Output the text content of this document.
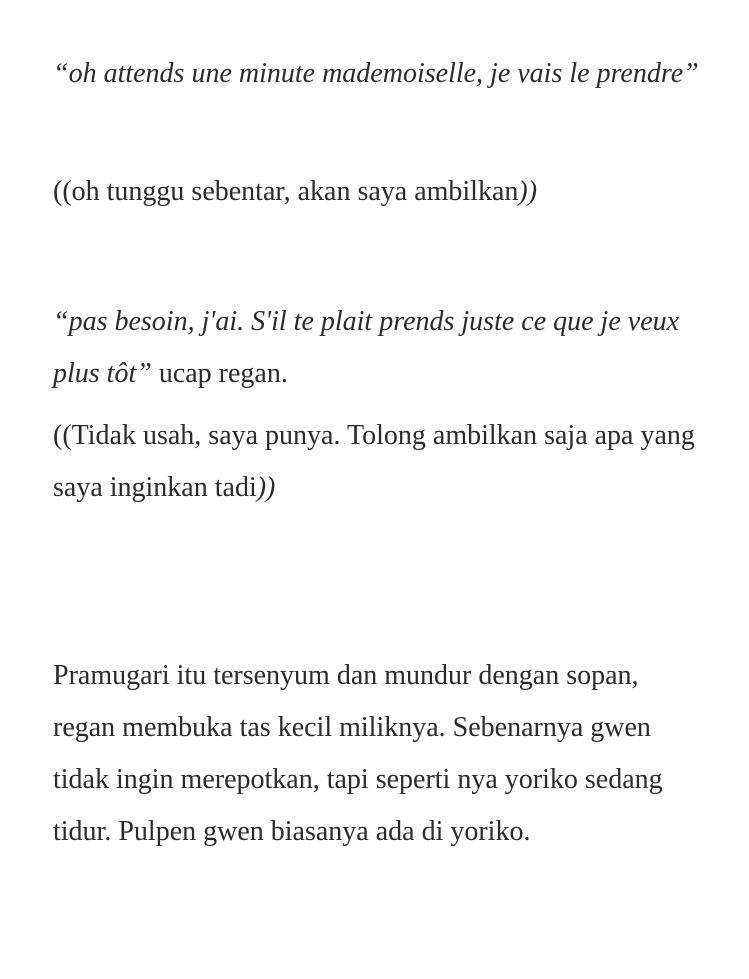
“oh attends une minute mademoiselle, je vais le prendre”

((oh tunggu sebentar, akan saya ambilkan))

“pas besoin, j'ai. S'il te plait prends juste ce que je veux plus tôt” ucap regan.

((Tidak usah, saya punya. Tolong ambilkan saja apa yang saya inginkan tadi))

Pramugari itu tersenyum dan mundur dengan sopan, regan membuka tas kecil miliknya. Sebenarnya gwen tidak ingin merepotkan, tapi seperti nya yoriko sedang tidur. Pulpen gwen biasanya ada di yoriko.
